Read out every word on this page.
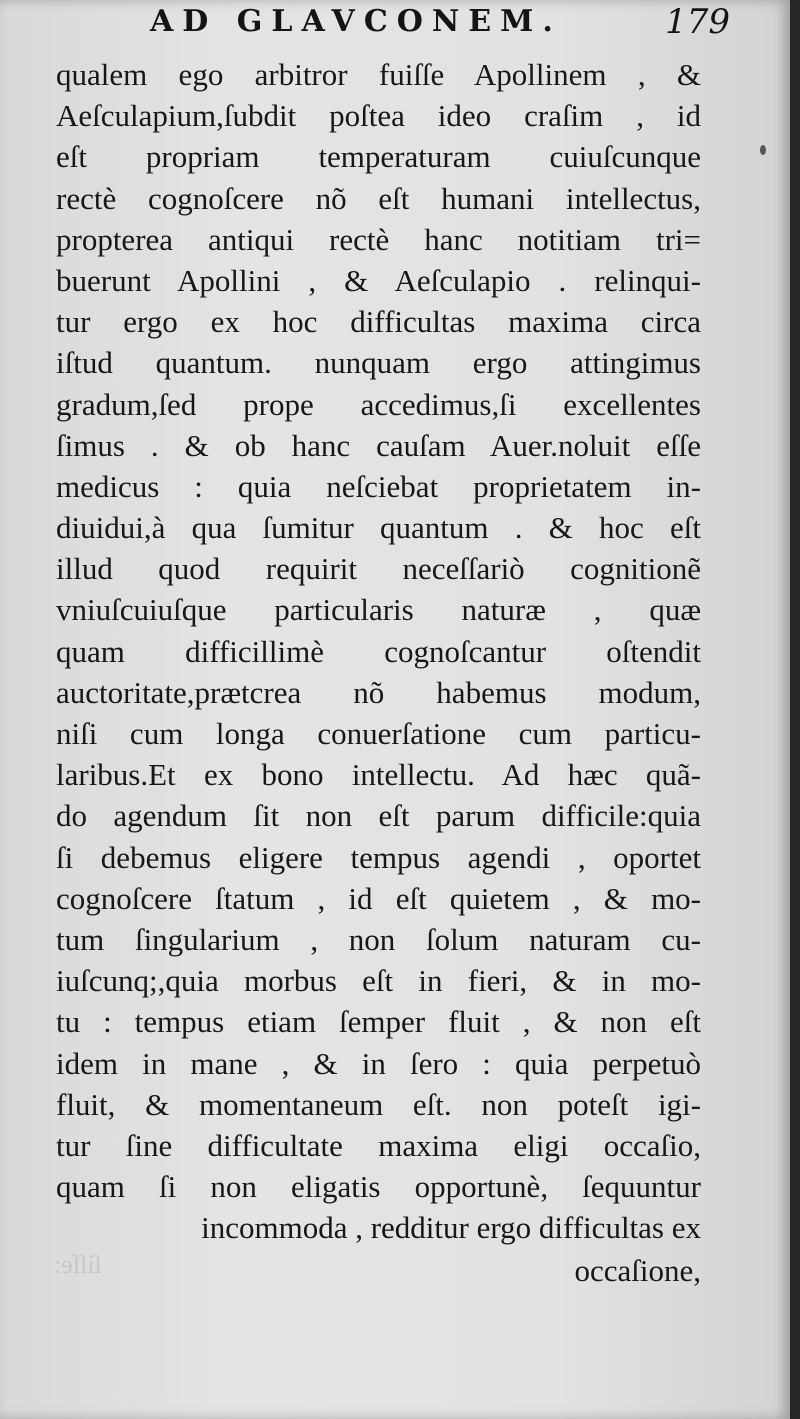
AD GLAVCONEM.	179
qualem ego arbitror fuiſſe Apollinem , &
Aeſculapium,ſubdit poſtea ideo craſim , id
eſt propriam temperaturam cuiuſcunque
rectè cognoſcere nõ eſt humani intellectus,
propterea antiqui rectè hanc notitiam tri=
buerunt Apollini , & Aeſculapio . relinqui-
tur ergo ex hoc difficultas maxima circa
iſtud quantum. nunquam ergo attingimus
gradum,ſed prope accedimus,ſi excellentes
ſimus . & ob hanc cauſam Auer.noluit eſſe
medicus : quia neſciebat proprietatem in-
diuidui,à qua ſumitur quantum . & hoc eſt
illud quod requirit neceſſariò cognitionẽ
vniuſcuiuſque particularis naturæ , quæ
quam difficillimè cognoſcantur oſtendit
auctoritate,prætcrea nõ habemus modum,
niſi cum longa conuerſatione cum particu-
laribus.Et ex bono intellectu. Ad hæc quã-
do agendum ſit non eſt parum difficile:quia
ſi debemus eligere tempus agendi , oportet
cognoſcere ſtatum , id eſt quietem , & mo-
tum ſingularium , non ſolum naturam cu-
iuſcunq;,quia morbus eſt in fieri, & in mo-
tu : tempus etiam ſemper fluit , & non eſt
idem in mane , & in ſero : quia perpetuò
fluit, & momentaneum eſt. non poteſt igi-
tur ſine difficultate maxima eligi occaſio,
quam ſi non eligatis opportunè, ſequuntur
incommoda , redditur ergo difficultas ex
ſiſſe:	occaſione,
